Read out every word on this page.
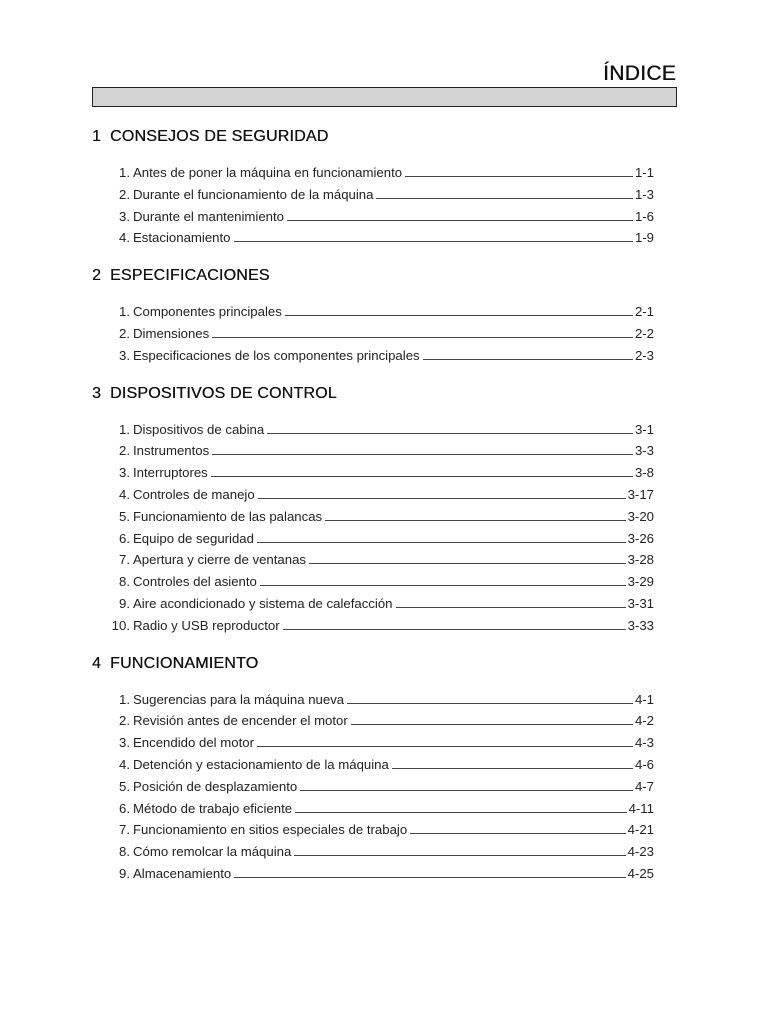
ÍNDICE
1 CONSEJOS DE SEGURIDAD
1. Antes de poner la máquina en funcionamiento	1-1
2. Durante el funcionamiento de la máquina	1-3
3. Durante el mantenimiento	1-6
4. Estacionamiento	1-9
2 ESPECIFICACIONES
1. Componentes principales	2-1
2. Dimensiones	2-2
3. Especificaciones de los componentes principales	2-3
3 DISPOSITIVOS DE CONTROL
1. Dispositivos de cabina	3-1
2. Instrumentos	3-3
3. Interruptores	3-8
4. Controles de manejo	3-17
5. Funcionamiento de las palancas	3-20
6. Equipo de seguridad	3-26
7. Apertura y cierre de ventanas	3-28
8. Controles del asiento	3-29
9. Aire acondicionado y sistema de calefacción	3-31
10. Radio y USB reproductor	3-33
4 FUNCIONAMIENTO
1. Sugerencias para la máquina nueva	4-1
2. Revisión antes de encender el motor	4-2
3. Encendido del motor	4-3
4. Detención y estacionamiento de la máquina	4-6
5. Posición de desplazamiento	4-7
6. Método de trabajo eficiente	4-11
7. Funcionamiento en sitios especiales de trabajo	4-21
8. Cómo remolcar la máquina	4-23
9. Almacenamiento	4-25
